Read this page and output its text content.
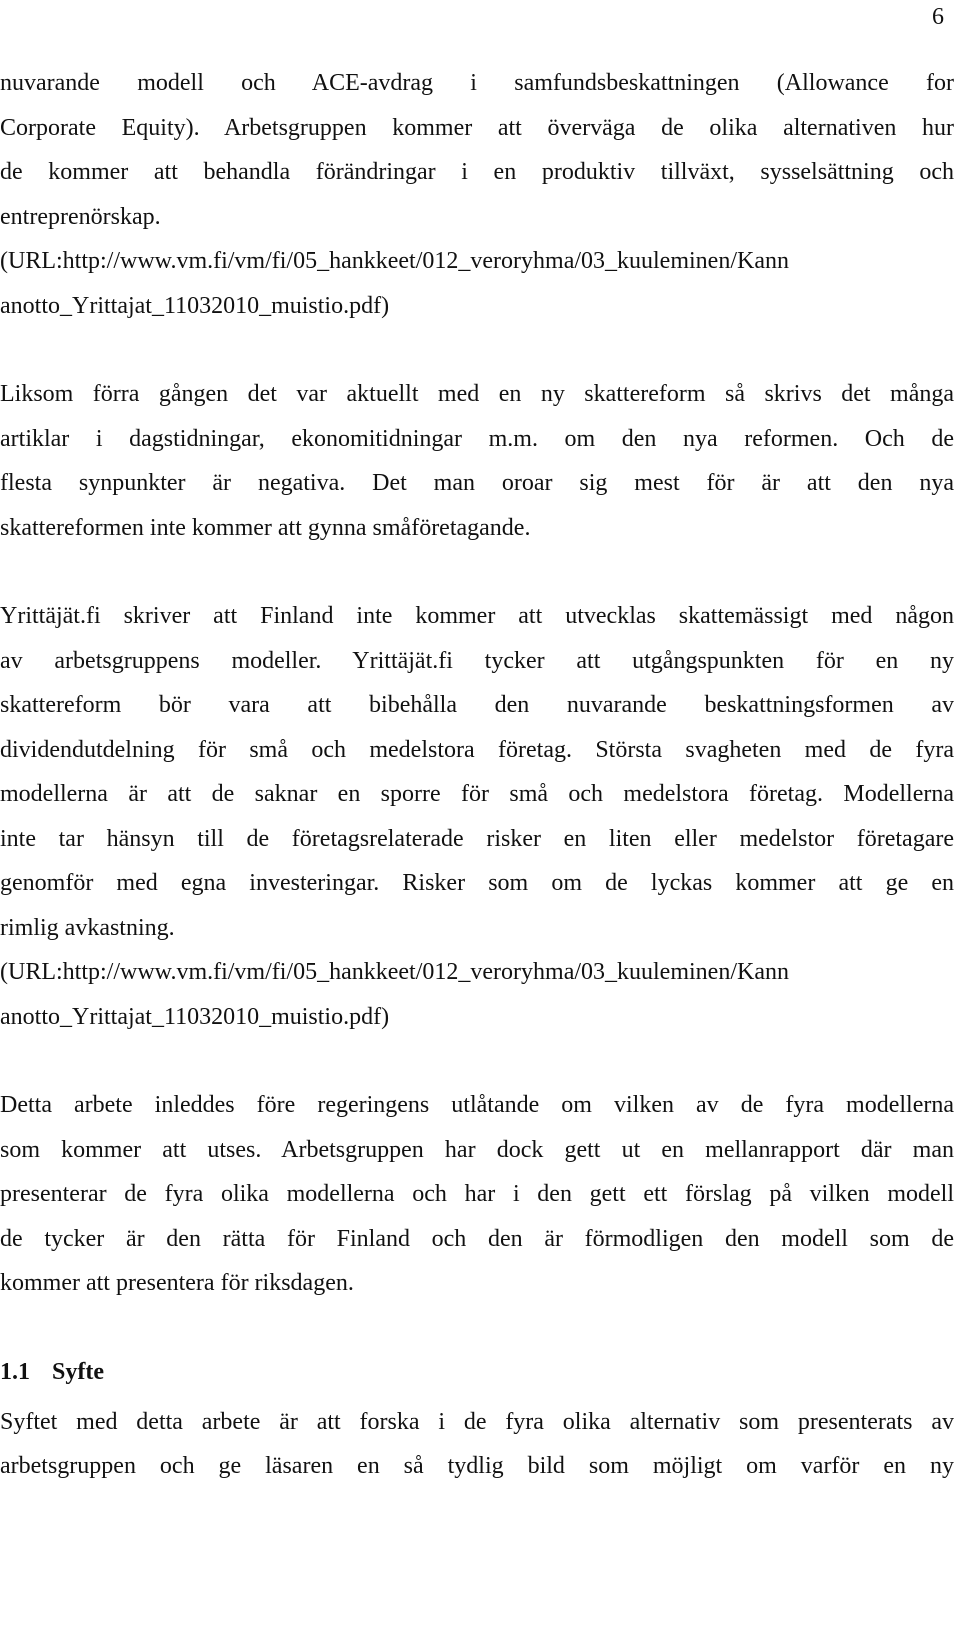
6
nuvarande modell och ACE-avdrag i samfundsbeskattningen (Allowance for
Corporate Equity). Arbetsgruppen kommer att överväga de olika alternativen hur
de kommer att behandla förändringar i en produktiv tillväxt, sysselsättning och
entreprenörskap.
(URL:http://www.vm.fi/vm/fi/05_hankkeet/012_veroryhma/03_kuuleminen/Kann
anotto_Yrittajat_11032010_muistio.pdf)
Liksom förra gången det var aktuellt med en ny skattereform så skrivs det många
artiklar i dagstidningar, ekonomitidningar m.m. om den nya reformen. Och de
flesta synpunkter är negativa. Det man oroar sig mest för är att den nya
skattereformen inte kommer att gynna småföretagande.
Yrittäjät.fi skriver att Finland inte kommer att utvecklas skattemässigt med någon
av arbetsgruppens modeller. Yrittäjät.fi tycker att utgångspunkten för en ny
skattereform bör vara att bibehålla den nuvarande beskattningsformen av
dividendutdelning för små och medelstora företag. Största svagheten med de fyra
modellerna är att de saknar en sporre för små och medelstora företag. Modellerna
inte tar hänsyn till de företagsrelaterade risker en liten eller medelstor företagare
genomför med egna investeringar. Risker som om de lyckas kommer att ge en
rimlig avkastning.
(URL:http://www.vm.fi/vm/fi/05_hankkeet/012_veroryhma/03_kuuleminen/Kann
anotto_Yrittajat_11032010_muistio.pdf)
Detta arbete inleddes före regeringens utlåtande om vilken av de fyra modellerna
som kommer att utses. Arbetsgruppen har dock gett ut en mellanrapport där man
presenterar de fyra olika modellerna och har i den gett ett förslag på vilken modell
de tycker är den rätta för Finland och den är förmodligen den modell som de
kommer att presentera för riksdagen.
1.1 Syfte
Syftet med detta arbete är att forska i de fyra olika alternativ som presenterats av
arbetsgruppen och ge läsaren en så tydlig bild som möjligt om varför en ny
